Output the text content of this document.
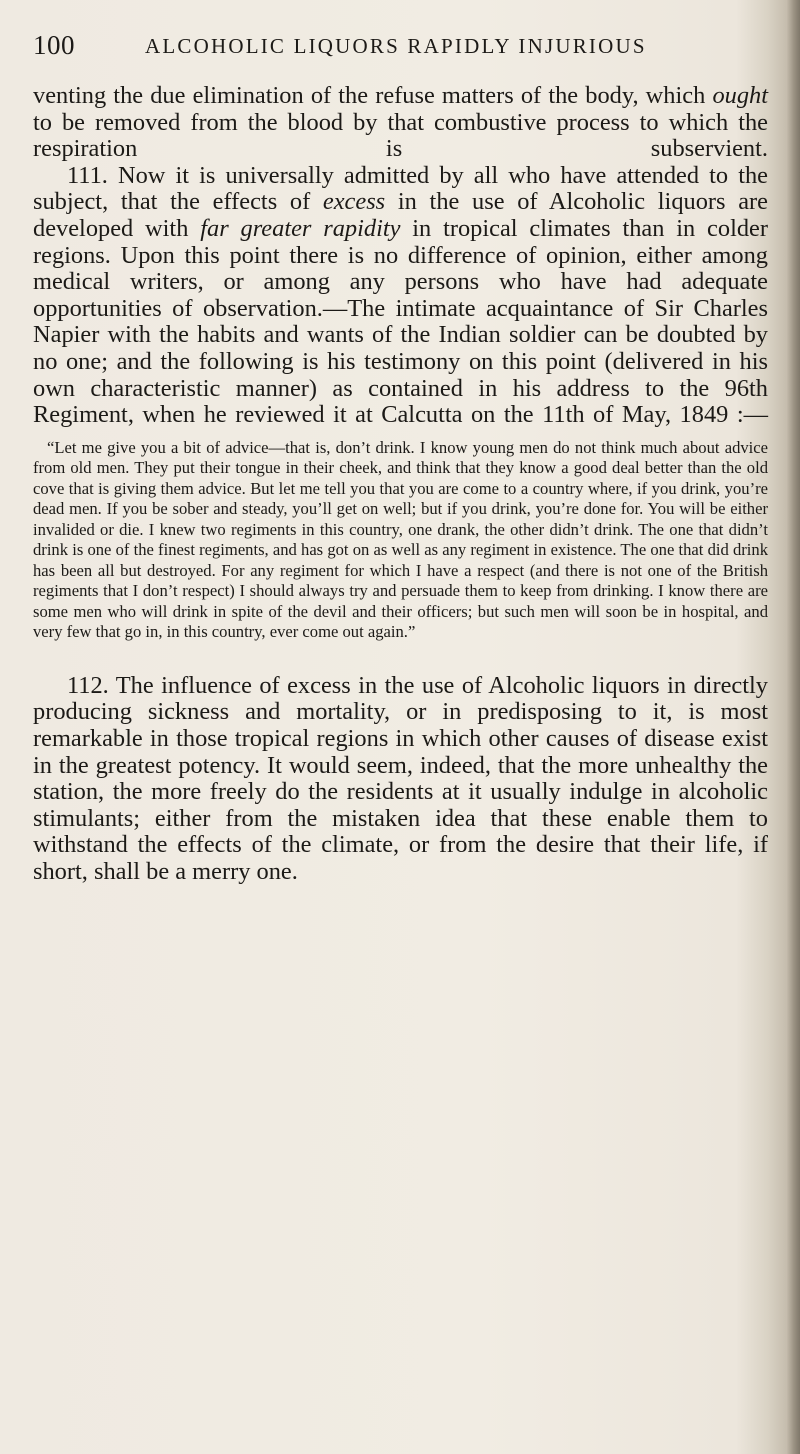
100	ALCOHOLIC LIQUORS RAPIDLY INJURIOUS

venting the due elimination of the refuse matters of the body, which ought to be removed from the blood by that combustive process to which the respiration is subservient.

111. Now it is universally admitted by all who have attended to the subject, that the effects of excess in the use of Alcoholic liquors are developed with far greater rapidity in tropical climates than in colder regions. Upon this point there is no difference of opinion, either among medical writers, or among any persons who have had adequate opportunities of observation.—The intimate acquaintance of Sir Charles Napier with the habits and wants of the Indian soldier can be doubted by no one; and the following is his testimony on this point (delivered in his own characteristic manner) as contained in his address to the 96th Regiment, when he reviewed it at Calcutta on the 11th of May, 1849 :—

“Let me give you a bit of advice—that is, don’t drink. I know young men do not think much about advice from old men. They put their tongue in their cheek, and think that they know a good deal better than the old cove that is giving them advice. But let me tell you that you are come to a country where, if you drink, you’re dead men. If you be sober and steady, you’ll get on well; but if you drink, you’re done for. You will be either invalided or die. I knew two regiments in this country, one drank, the other didn’t drink. The one that didn’t drink is one of the finest regiments, and has got on as well as any regiment in existence. The one that did drink has been all but destroyed. For any regiment for which I have a respect (and there is not one of the British regiments that I don’t respect) I should always try and persuade them to keep from drinking. I know there are some men who will drink in spite of the devil and their officers; but such men will soon be in hospital, and very few that go in, in this country, ever come out again.”

112. The influence of excess in the use of Alcoholic liquors in directly producing sickness and mortality, or in predisposing to it, is most remarkable in those tropical regions in which other causes of disease exist in the greatest potency. It would seem, indeed, that the more unhealthy the station, the more freely do the residents at it usually indulge in alcoholic stimulants; either from the mistaken idea that these enable them to withstand the effects of the climate, or from the desire that their life, if short, shall be a merry one.
